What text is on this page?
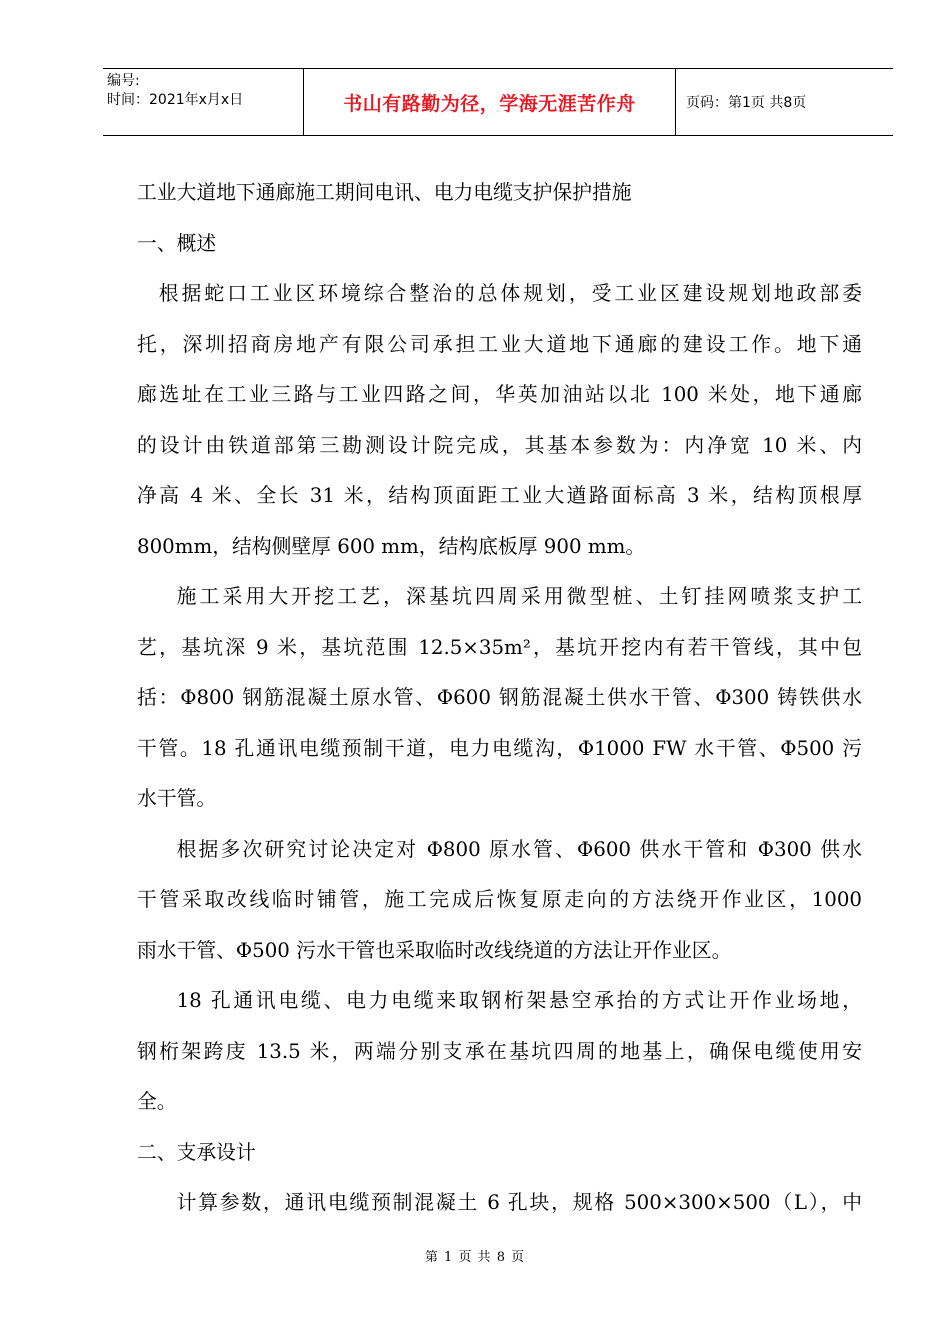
编号:
时间：2021年x月x日	书山有路勤为径，学海无涯苦作舟	页码：第1页 共8页
工业大道地下通廊施工期间电讯、电力电缆支护保护措施
一、概述
根据蛇口工业区环境综合整治的总体规划，受工业区建设规划地政部委
托，深圳招商房地产有限公司承担工业大道地下通廊的建设工作。地下通
廊选址在工业三路与工业四路之间，华英加油站以北 100 米处，地下通廊
的设计由铁道部第三勘测设计院完成，其基本参数为：内净宽 10 米、内
净高 4 米、全长 31 米，结构顶面距工业大遒路面标高 3 米，结构顶根厚
800mm，结构侧壁厚 600 mm，结构底板厚 900 mm。
施工采用大开挖工艺，深基坑四周采用微型桩、土钉挂网喷浆支护工
艺，基坑深 9 米，基坑范围 12.5×35m²，基坑开挖内有若干管线，其中包
括：Φ800 钢筋混凝土原水管、Φ600 钢筋混凝土供水干管、Φ300 铸铁供水
干管。18 孔通讯电缆预制干道，电力电缆沟，Φ1000 FW 水干管、Φ500 污
水干管。
根据多次研究讨论决定对 Φ800 原水管、Φ600 供水干管和 Φ300 供水
干管采取改线临时铺管，施工完成后恢复原走向的方法绕开作业区，1000
雨水干管、Φ500 污水干管也采取临时改线绕道的方法让开作业区。
18 孔通讯电缆、电力电缆来取钢桁架悬空承抬的方式让开作业场地，
钢桁架跨庋 13.5 米，两端分别支承在基坑四周的地基上，确保电缆使用安
全。
二、支承设计
计算参数，通讯电缆预制混凝土 6 孔块，规格 500×300×500（L），中
第 1 页 共 8 页
